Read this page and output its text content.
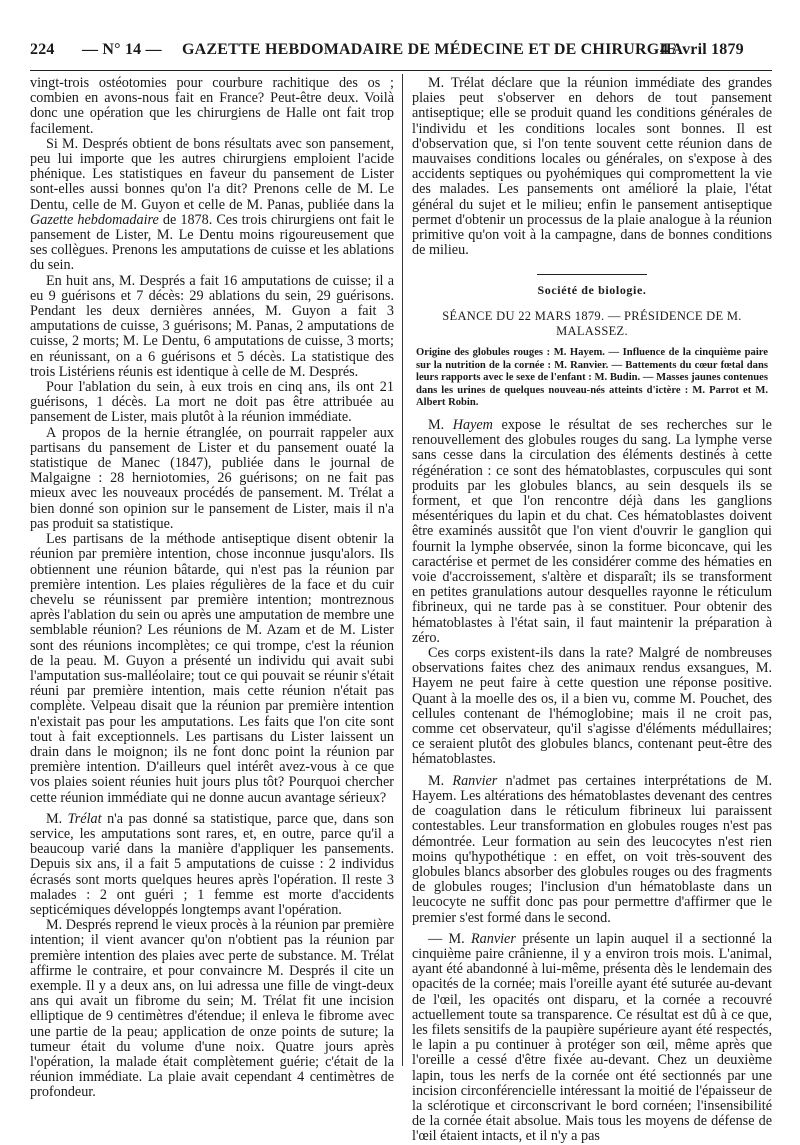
224 — N° 14 — GAZETTE HEBDOMADAIRE DE MÉDECINE ET DE CHIRURGIE
4 Avril 1879

vingt-trois ostéotomies pour courbure rachitique des os ; combien en avons-nous fait en France? Peut-être deux. Voilà donc une opération que les chirurgiens de Halle ont fait trop facilement.

Si M. Després obtient de bons résultats avec son pansement, peu lui importe que les autres chirurgiens emploient l'acide phénique. Les statistiques en faveur du pansement de Lister sont-elles aussi bonnes qu'on l'a dit? Prenons celle de M. Le Dentu, celle de M. Guyon et celle de M. Panas, publiée dans la Gazette hebdomadaire de 1878. Ces trois chirurgiens ont fait le pansement de Lister, M. Le Dentu moins rigoureusement que ses collègues. Prenons les amputations de cuisse et les ablations du sein.

En huit ans, M. Després a fait 16 amputations de cuisse; il a eu 9 guérisons et 7 décès: 29 ablations du sein, 29 guérisons. Pendant les deux dernières années, M. Guyon a fait 3 amputations de cuisse, 3 guérisons; M. Panas, 2 amputations de cuisse, 2 morts; M. Le Dentu, 6 amputations de cuisse, 3 morts; en réunissant, on a 6 guérisons et 5 décès. La statistique des trois Listériens réunis est identique à celle de M. Després.

Pour l'ablation du sein, à eux trois en cinq ans, ils ont 21 guérisons, 1 décès. La mort ne doit pas être attribuée au pansement de Lister, mais plutôt à la réunion immédiate.

A propos de la hernie étranglée, on pourrait rappeler aux partisans du pansement de Lister et du pansement ouaté la statistique de Manec (1847), publiée dans le journal de Malgaigne : 28 herniotomies, 26 guérisons; on ne fait pas mieux avec les nouveaux procédés de pansement. M. Trélat a bien donné son opinion sur le pansement de Lister, mais il n'a pas produit sa statistique.

Les partisans de la méthode antiseptique disent obtenir la réunion par première intention, chose inconnue jusqu'alors. Ils obtiennent une réunion bâtarde, qui n'est pas la réunion par première intention. Les plaies régulières de la face et du cuir chevelu se réunissent par première intention; montreznous après l'ablation du sein ou après une amputation de membre une semblable réunion? Les réunions de M. Azam et de M. Lister sont des réunions incomplètes; ce qui trompe, c'est la réunion de la peau. M. Guyon a présenté un individu qui avait subi l'amputation sus-malléolaire; tout ce qui pouvait se réunir s'était réuni par première intention, mais cette réunion n'était pas complète. Velpeau disait que la réunion par première intention n'existait pas pour les amputations. Les faits que l'on cite sont tout à fait exceptionnels. Les partisans du Lister laissent un drain dans le moignon; ils ne font donc point la réunion par première intention. D'ailleurs quel intérêt avez-vous à ce que vos plaies soient réunies huit jours plus tôt? Pourquoi chercher cette réunion immédiate qui ne donne aucun avantage sérieux?

M. Trélat n'a pas donné sa statistique, parce que, dans son service, les amputations sont rares, et, en outre, parce qu'il a beaucoup varié dans la manière d'appliquer les pansements. Depuis six ans, il a fait 5 amputations de cuisse : 2 individus écrasés sont morts quelques heures après l'opération. Il reste 3 malades : 2 ont guéri ; 1 femme est morte d'accidents septicémiques développés longtemps avant l'opération.

M. Després reprend le vieux procès à la réunion par première intention; il vient avancer qu'on n'obtient pas la réunion par première intention des plaies avec perte de substance. M. Trélat affirme le contraire, et pour convaincre M. Després il cite un exemple. Il y a deux ans, on lui adressa une fille de vingt-deux ans qui avait un fibrome du sein; M. Trélat fit une incision elliptique de 9 centimètres d'étendue; il enleva le fibrome avec une partie de la peau; application de onze points de suture; la tumeur était du volume d'une noix. Quatre jours après l'opération, la malade était complètement guérie; c'était de la réunion immédiate. La plaie avait cependant 4 centimètres de profondeur.

M. Trélat déclare que la réunion immédiate des grandes plaies peut s'observer en dehors de tout pansement antiseptique; elle se produit quand les conditions générales de l'individu et les conditions locales sont bonnes. Il est d'observation que, si l'on tente souvent cette réunion dans de mauvaises conditions locales ou générales, on s'expose à des accidents septiques ou pyohémiques qui compromettent la vie des malades. Les pansements ont amélioré la plaie, l'état général du sujet et le milieu; enfin le pansement antiseptique permet d'obtenir un processus de la plaie analogue à la réunion primitive qu'on voit à la campagne, dans de bonnes conditions de milieu.

Société de biologie.
SÉANCE DU 22 MARS 1879. — PRÉSIDENCE DE M. MALASSEZ.
Origine des globules rouges : M. Hayem. — Influence de la cinquième paire sur la nutrition de la cornée : M. Ranvier. — Battements du cœur fœtal dans leurs rapports avec le sexe de l'enfant : M. Budin. — Masses jaunes contenues dans les urines de quelques nouveau-nés atteints d'ictère : M. Parrot et M. Albert Robin.

M. Hayem expose le résultat de ses recherches sur le renouvellement des globules rouges du sang. La lymphe verse sans cesse dans la circulation des éléments destinés à cette régénération : ce sont des hématoblastes, corpuscules qui sont produits par les globules blancs, au sein desquels ils se forment, et que l'on rencontre déjà dans les ganglions mésentériques du lapin et du chat. Ces hématoblastes doivent être examinés aussitôt que l'on vient d'ouvrir le ganglion qui fournit la lymphe observée, sinon la forme biconcave, qui les caractérise et permet de les considérer comme des hématies en voie d'accroissement, s'altère et disparaît; ils se transforment en petites granulations autour desquelles rayonne le réticulum fibrineux, qui ne tarde pas à se constituer. Pour obtenir des hématoblastes à l'état sain, il faut maintenir la préparation à zéro.

Ces corps existent-ils dans la rate? Malgré de nombreuses observations faites chez des animaux rendus exsangues, M. Hayem ne peut faire à cette question une réponse positive. Quant à la moelle des os, il a bien vu, comme M. Pouchet, des cellules contenant de l'hémoglobine; mais il ne croit pas, comme cet observateur, qu'il s'agisse d'éléments médullaires; ce seraient plutôt des globules blancs, contenant peut-être des hématoblastes.

M. Ranvier n'admet pas certaines interprétations de M. Hayem. Les altérations des hématoblastes devenant des centres de coagulation dans le réticulum fibrineux lui paraissent contestables. Leur transformation en globules rouges n'est pas démontrée. Leur formation au sein des leucocytes n'est rien moins qu'hypothétique : en effet, on voit très-souvent des globules blancs absorber des globules rouges ou des fragments de globules rouges; l'inclusion d'un hématoblaste dans un leucocyte ne suffit donc pas pour permettre d'affirmer que le premier s'est formé dans le second.

— M. Ranvier présente un lapin auquel il a sectionné la cinquième paire crânienne, il y a environ trois mois. L'animal, ayant été abandonné à lui-même, présenta dès le lendemain des opacités de la cornée; mais l'oreille ayant été suturée au-devant de l'œil, les opacités ont disparu, et la cornée a recouvré actuellement toute sa transparence. Ce résultat est dû à ce que, les filets sensitifs de la paupière supérieure ayant été respectés, le lapin a pu continuer à protéger son œil, même après que l'oreille a cessé d'être fixée au-devant. Chez un deuxième lapin, tous les nerfs de la cornée ont été sectionnés par une incision circonférencielle intéressant la moitié de l'épaisseur de la sclérotique et circonscrivant le bord cornéen; l'insensibilité de la cornée était absolue. Mais tous les moyens de défense de l'œil étaient intacts, et il n'y a pas
